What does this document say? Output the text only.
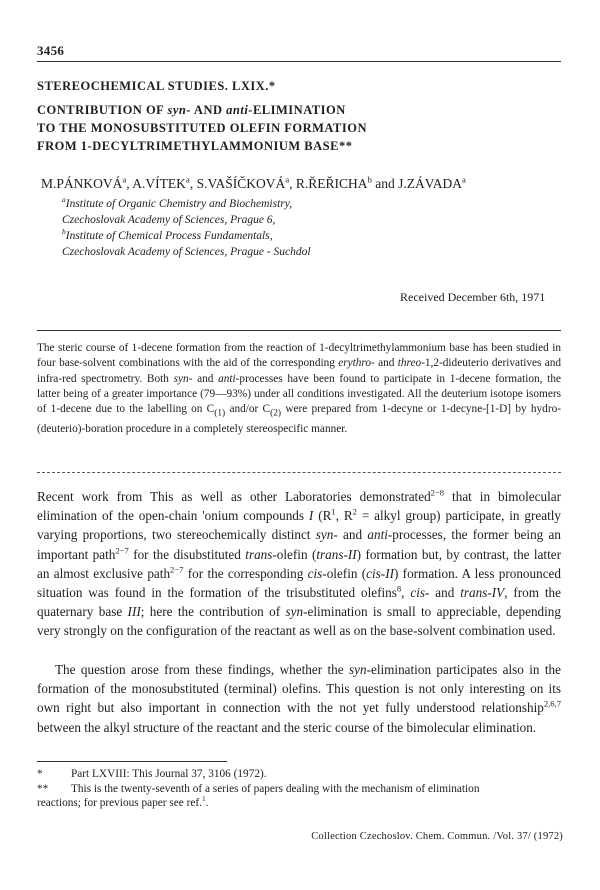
3456
STEREOCHEMICAL STUDIES. LXIX.*
CONTRIBUTION OF syn- AND anti-ELIMINATION
TO THE MONOSUBSTITUTED OLEFIN FORMATION
FROM 1-DECYLTRIMETHYLAMMONIUM BASE**
M.PÁNKOVÁ$^a$, A.VÍTEK$^a$, S.VAŠÍČKOVÁ$^a$, R.ŘEŘICHA$^b$ and J.ZÁVADA$^a$
$^a$Institute of Organic Chemistry and Biochemistry,
Czechoslovak Academy of Sciences, Prague 6,
$^b$Institute of Chemical Process Fundamentals,
Czechoslovak Academy of Sciences, Prague - Suchdol
Received December 6th, 1971
The steric course of 1-decene formation from the reaction of 1-decyltrimethylammonium base has been studied in four base-solvent combinations with the aid of the corresponding erythro- and threo-1,2-dideuterio derivatives and infra-red spectrometry. Both syn- and anti-processes have been found to participate in 1-decene formation, the latter being of a greater importance (79—93%) under all conditions investigated. All the deuterium isotope isomers of 1-decene due to the labelling on $C_{(1)}$ and/or $C_{(2)}$ were prepared from 1-decyne or 1-decyne-[1-D] by hydro-(deuterio)-boration procedure in a completely stereospecific manner.
Recent work from This as well as other Laboratories demonstrated$^{2-8}$ that in bimolecular elimination of the open-chain 'onium compounds I ($R^1$, $R^2$ = alkyl group) participate, in greatly varying proportions, two stereochemically distinct syn- and anti-processes, the former being an important path$^{2-7}$ for the disubstituted trans-olefin (trans-II) formation but, by contrast, the latter an almost exclusive path$^{2-7}$ for the corresponding cis-olefin (cis-II) formation. A less pronounced situation was found in the formation of the trisubstituted olefins$^8$, cis- and trans-IV, from the quaternary base III; here the contribution of syn-elimination is small to appreciable, depending very strongly on the configuration of the reactant as well as on the base-solvent combination used.
The question arose from these findings, whether the syn-elimination participates also in the formation of the monosubstituted (terminal) olefins. This question is not only interesting on its own right but also important in connection with the not yet fully understood relationship$^{2,6,7}$ between the alkyl structure of the reactant and the steric course of the bimolecular elimination.
*	Part LXVIII: This Journal 37, 3106 (1972).
** This is the twenty-seventh of a series of papers dealing with the mechanism of elimination
reactions; for previous paper see ref.$^1$.
Collection Czechoslov. Chem. Commun. /Vol. 37/ (1972)
